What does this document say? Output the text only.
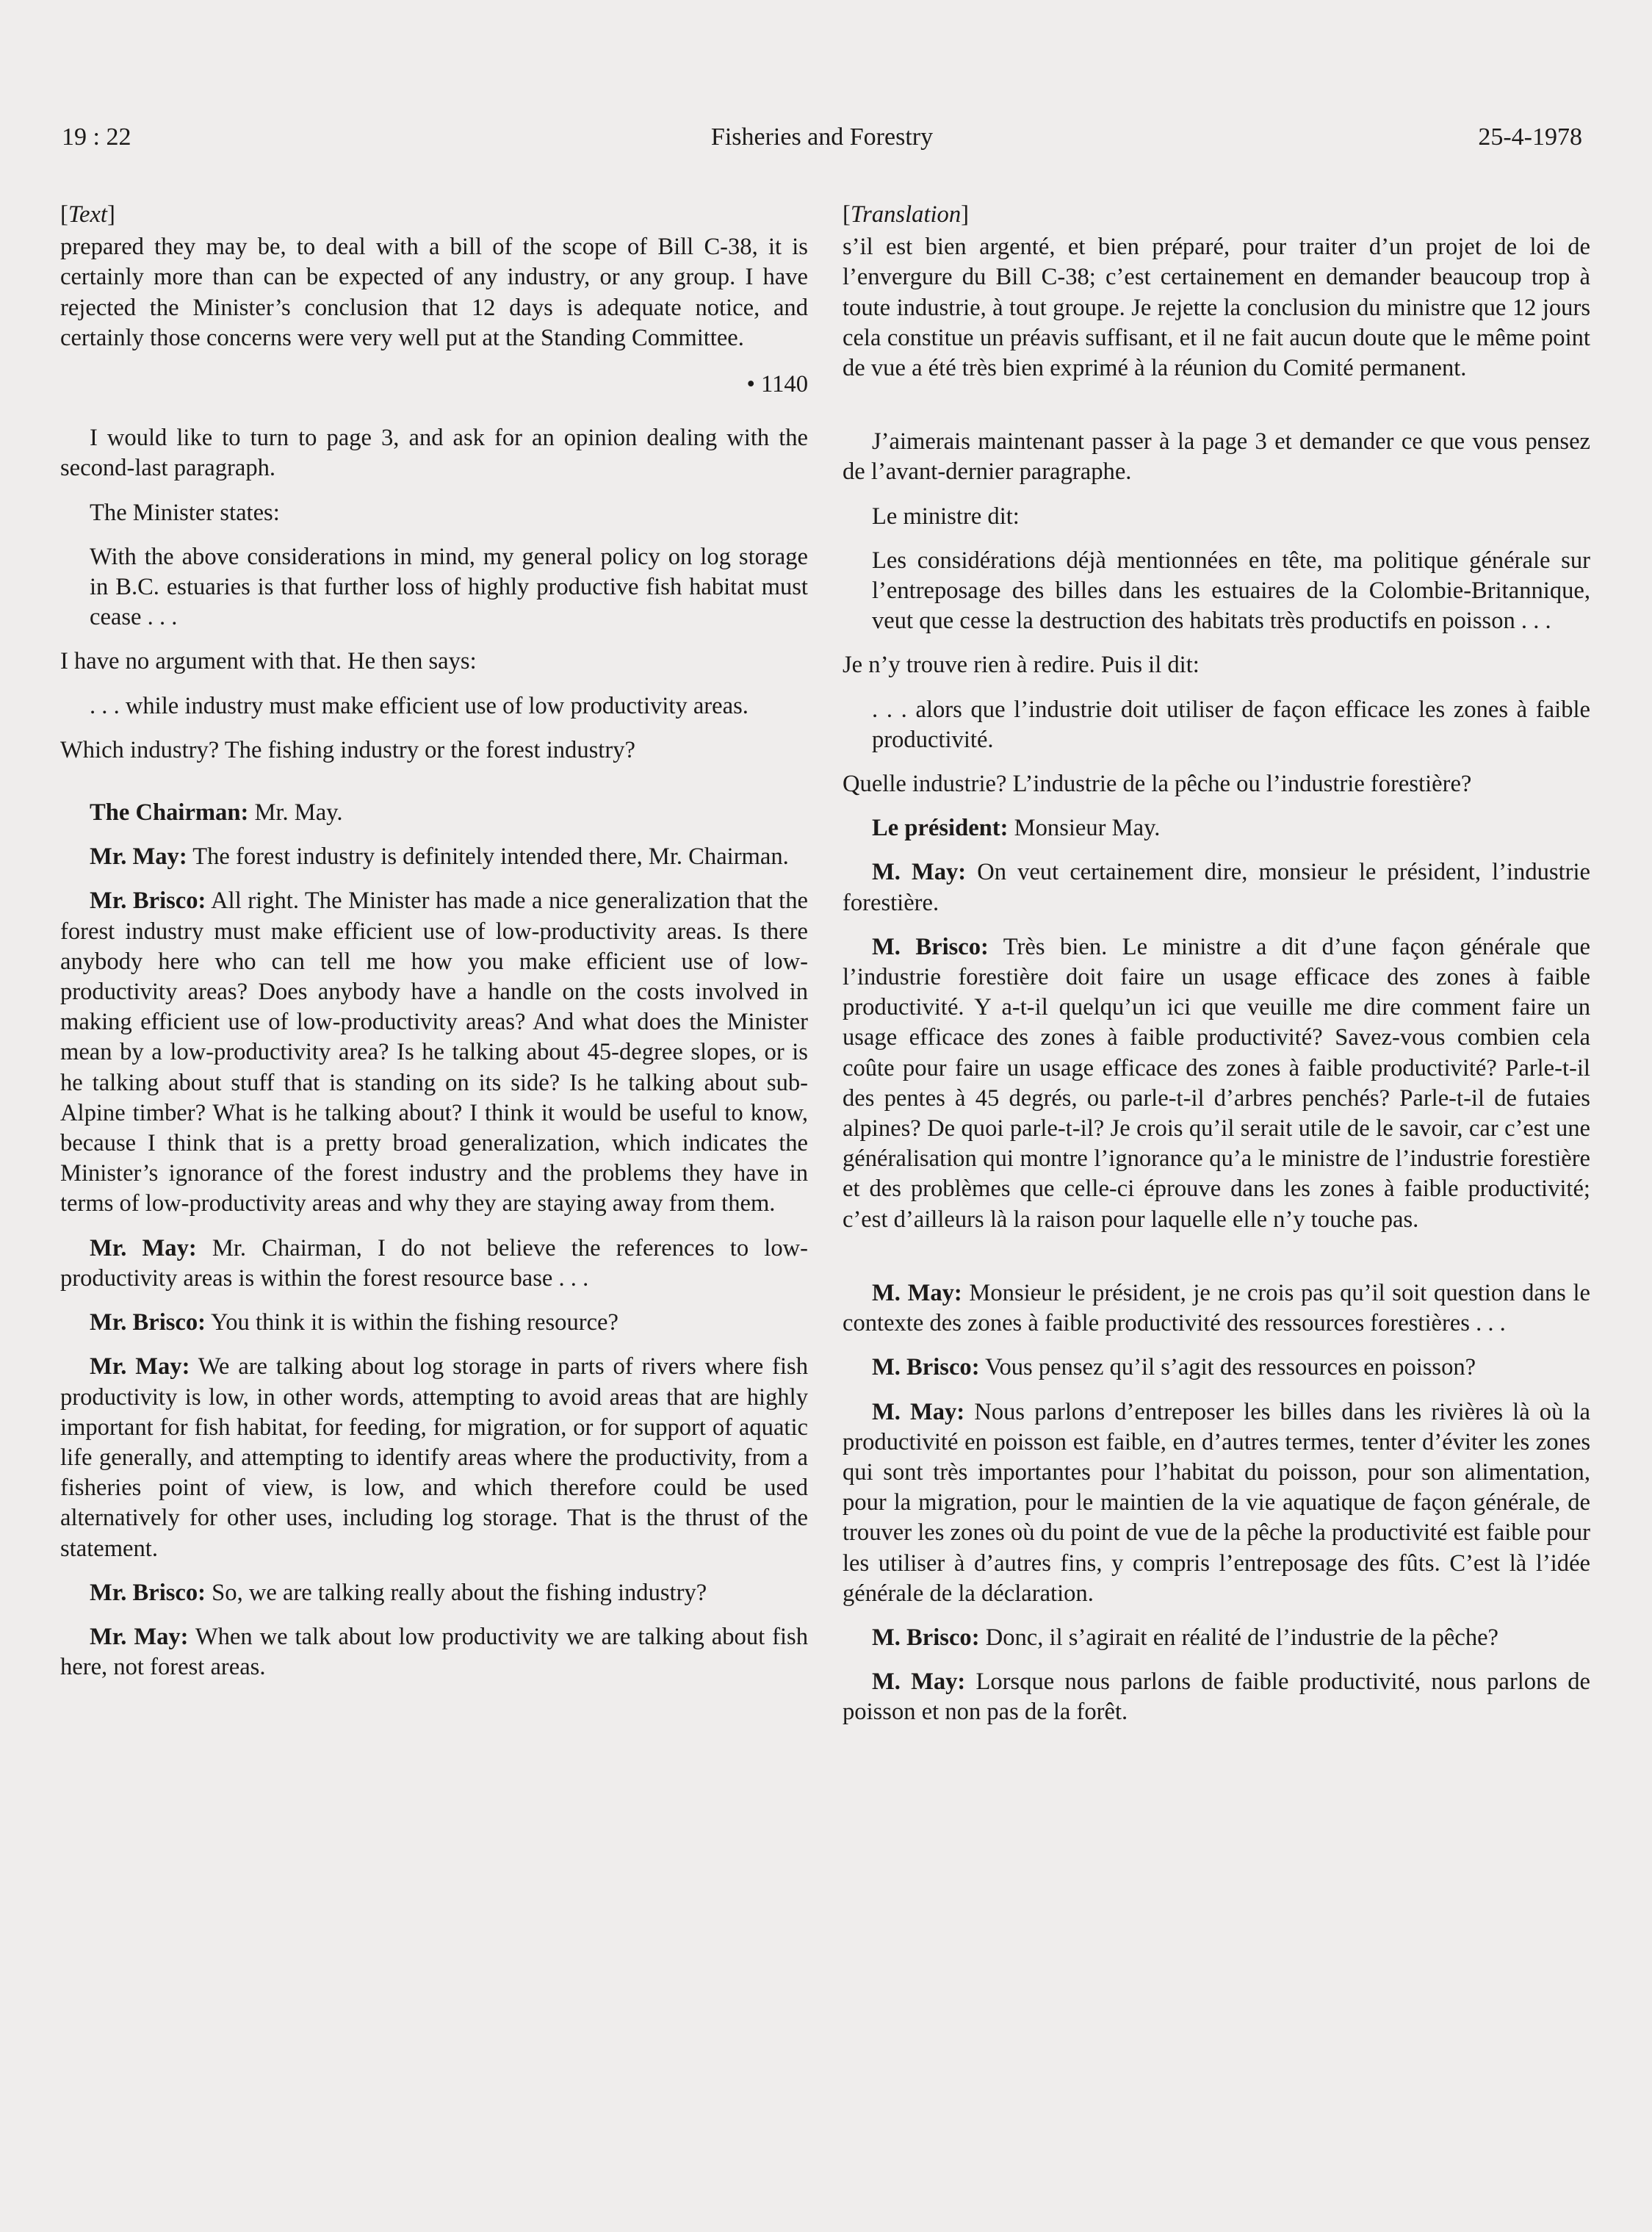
19 : 22	Fisheries and Forestry	25-4-1978

[Text]

prepared they may be, to deal with a bill of the scope of Bill C-38, it is certainly more than can be expected of any industry, or any group. I have rejected the Minister’s conclusion that 12 days is adequate notice, and certainly those concerns were very well put at the Standing Committee.

• 1140

I would like to turn to page 3, and ask for an opinion dealing with the second-last paragraph.

The Minister states:

With the above considerations in mind, my general policy on log storage in B.C. estuaries is that further loss of highly productive fish habitat must cease . . .

I have no argument with that. He then says:

. . . while industry must make efficient use of low productivity areas.

Which industry? The fishing industry or the forest industry?

The Chairman: Mr. May.

Mr. May: The forest industry is definitely intended there, Mr. Chairman.

Mr. Brisco: All right. The Minister has made a nice generalization that the forest industry must make efficient use of low-productivity areas. Is there anybody here who can tell me how you make efficient use of low-productivity areas? Does anybody have a handle on the costs involved in making efficient use of low-productivity areas? And what does the Minister mean by a low-productivity area? Is he talking about 45-degree slopes, or is he talking about stuff that is standing on its side? Is he talking about sub-Alpine timber? What is he talking about? I think it would be useful to know, because I think that is a pretty broad generalization, which indicates the Minister’s ignorance of the forest industry and the problems they have in terms of low-productivity areas and why they are staying away from them.

Mr. May: Mr. Chairman, I do not believe the references to low-productivity areas is within the forest resource base . . .

Mr. Brisco: You think it is within the fishing resource?

Mr. May: We are talking about log storage in parts of rivers where fish productivity is low, in other words, attempting to avoid areas that are highly important for fish habitat, for feeding, for migration, or for support of aquatic life generally, and attempting to identify areas where the productivity, from a fisheries point of view, is low, and which therefore could be used alternatively for other uses, including log storage. That is the thrust of the statement.

Mr. Brisco: So, we are talking really about the fishing industry?

Mr. May: When we talk about low productivity we are talking about fish here, not forest areas.

[Translation]

s’il est bien argenté, et bien préparé, pour traiter d’un projet de loi de l’envergure du Bill C-38; c’est certainement en demander beaucoup trop à toute industrie, à tout groupe. Je rejette la conclusion du ministre que 12 jours cela constitue un préavis suffisant, et il ne fait aucun doute que le même point de vue a été très bien exprimé à la réunion du Comité permanent.

J’aimerais maintenant passer à la page 3 et demander ce que vous pensez de l’avant-dernier paragraphe.

Le ministre dit:

Les considérations déjà mentionnées en tête, ma politique générale sur l’entreposage des billes dans les estuaires de la Colombie-Britannique, veut que cesse la destruction des habitats très productifs en poisson . . .

Je n’y trouve rien à redire. Puis il dit:

. . . alors que l’industrie doit utiliser de façon efficace les zones à faible productivité.

Quelle industrie? L’industrie de la pêche ou l’industrie forestière?

Le président: Monsieur May.

M. May: On veut certainement dire, monsieur le président, l’industrie forestière.

M. Brisco: Très bien. Le ministre a dit d’une façon générale que l’industrie forestière doit faire un usage efficace des zones à faible productivité. Y a-t-il quelqu’un ici que veuille me dire comment faire un usage efficace des zones à faible productivité? Savez-vous combien cela coûte pour faire un usage efficace des zones à faible productivité? Parle-t-il des pentes à 45 degrés, ou parle-t-il d’arbres penchés? Parle-t-il de futaies alpines? De quoi parle-t-il? Je crois qu’il serait utile de le savoir, car c’est une généralisation qui montre l’ignorance qu’a le ministre de l’industrie forestière et des problèmes que celle-ci éprouve dans les zones à faible productivité; c’est d’ailleurs là la raison pour laquelle elle n’y touche pas.

M. May: Monsieur le président, je ne crois pas qu’il soit question dans le contexte des zones à faible productivité des ressources forestières . . .

M. Brisco: Vous pensez qu’il s’agit des ressources en poisson?

M. May: Nous parlons d’entreposer les billes dans les rivières là où la productivité en poisson est faible, en d’autres termes, tenter d’éviter les zones qui sont très importantes pour l’habitat du poisson, pour son alimentation, pour la migration, pour le maintien de la vie aquatique de façon générale, de trouver les zones où du point de vue de la pêche la productivité est faible pour les utiliser à d’autres fins, y compris l’entreposage des fûts. C’est là l’idée générale de la déclaration.

M. Brisco: Donc, il s’agirait en réalité de l’industrie de la pêche?

M. May: Lorsque nous parlons de faible productivité, nous parlons de poisson et non pas de la forêt.
